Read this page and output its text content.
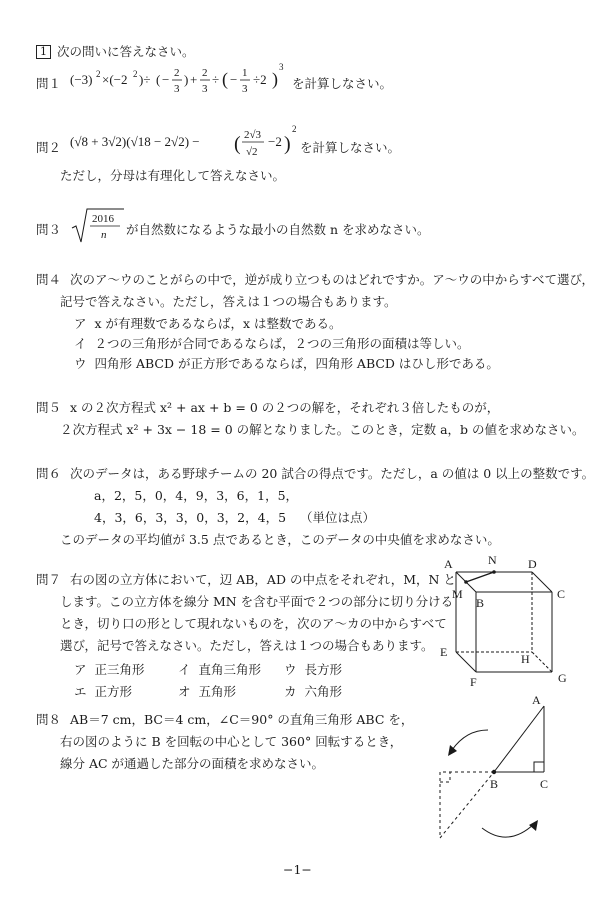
1 次の問いに答えなさい。
問１ (−3) 2 ×(−2 2 )÷ ( − 2
3
) + 2
3
÷ ( − 1
3
÷2 )
3
を計算しなさい。
問２ (√8 + 3√2)(√18 − 2√2) − ( 2√3
√2
−2 )
2
を計算しなさい。
ただし，分母は有理化して答えなさい。
問３
2016
n が自然数になるような最小の自然数 n を求めなさい。
問４ 次のア〜ウのことがらの中で，逆が成り立つものはどれですか。ア〜ウの中からすべて選び，
記号で答えなさい。ただし，答えは１つの場合もあります。
ア x が有理数であるならば，x は整数である。
イ ２つの三角形が合同であるならば，２つの三角形の面積は等しい。
ウ 四角形 ABCD が正方形であるならば，四角形 ABCD はひし形である。
問５ x の２次方程式 x² + ax + b = 0 の２つの解を，それぞれ３倍したものが，
２次方程式 x² + 3x − 18 = 0 の解となりました。このとき，定数 a，b の値を求めなさい。
問６ 次のデータは，ある野球チームの 20 試合の得点です。ただし，a の値は 0 以上の整数です。
a，2，5，0，4，9，3，6，1，5，
4，3，6，3，3，0，3，2，4，5 （単位は点）
このデータの平均値が 3.5 点であるとき，このデータの中央値を求めなさい。
問７ 右の図の立方体において，辺 AB，AD の中点をそれぞれ，M，N と
します。この立方体を線分 MN を含む平面で２つの部分に切り分ける
とき，切り口の形として現れないものを，次のア〜カの中からすべて
選び，記号で答えなさい。ただし，答えは１つの場合もあります。
ア 正三角形	イ 直角三角形 ウ 長方形
エ 正方形	オ 五角形	カ 六角形
A	N	D
M
B
C
E	H
F	G
問８ AB＝7 cm，BC＝4 cm，∠C＝90° の直角三角形 ABC を，
右の図のように B を回転の中心として 360° 回転するとき，
線分 AC が通過した部分の面積を求めなさい。
A
B	C
−1−
